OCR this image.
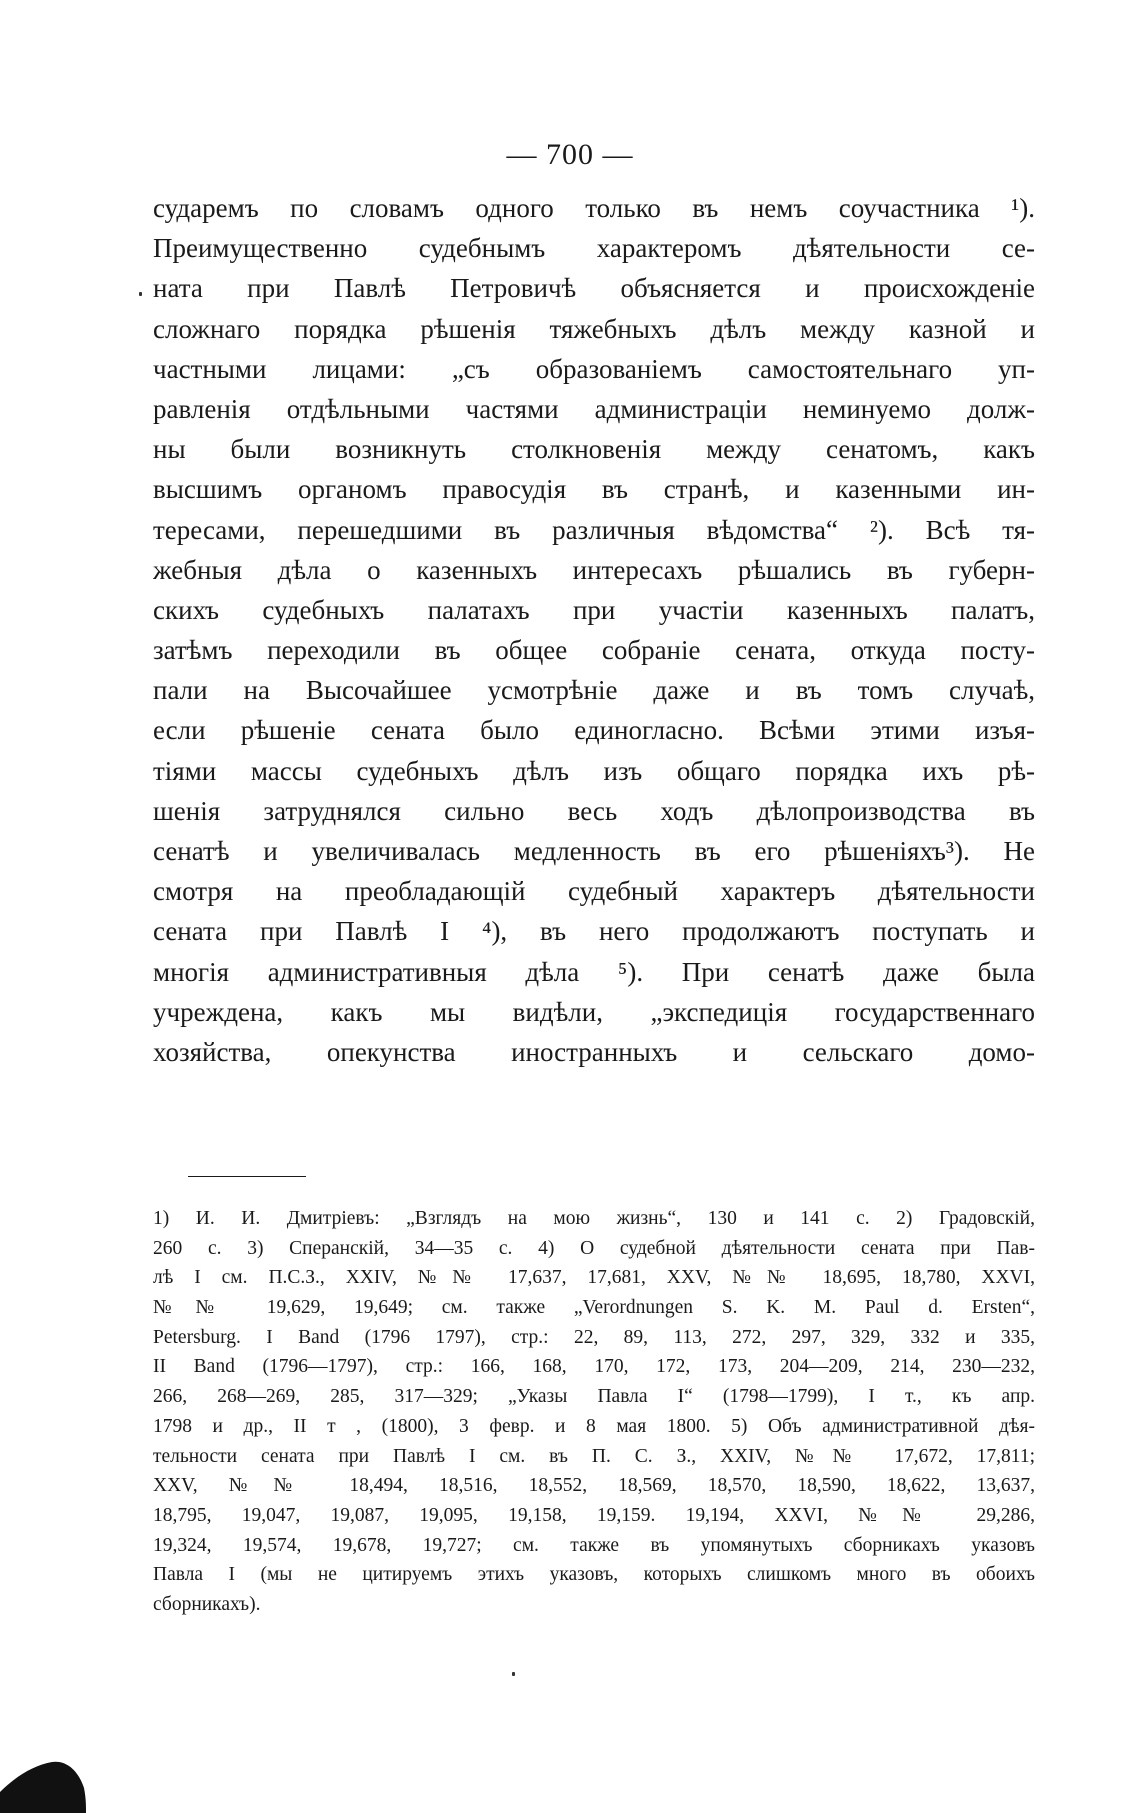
— 700 —
сударемъ по словамъ одного только въ немъ соучастника ¹).
Преимущественно судебнымъ характеромъ дѣятельности се-
ната при Павлѣ Петровичѣ объясняется и происхожденіе
сложнаго порядка рѣшенія тяжебныхъ дѣлъ между казной и
частными лицами: „съ образованіемъ самостоятельнаго уп-
равленія отдѣльными частями администраціи неминуемо долж-
ны были возникнуть столкновенія между сенатомъ, какъ
высшимъ органомъ правосудія въ странѣ, и казенными ин-
тересами, перешедшими въ различныя вѣдомства“ ²). Всѣ тя-
жебныя дѣла о казенныхъ интересахъ рѣшались въ губерн-
скихъ судебныхъ палатахъ при участіи казенныхъ палатъ,
затѣмъ переходили въ общее собраніе сената, откуда посту-
пали на Высочайшее усмотрѣніе даже и въ томъ случаѣ,
если рѣшеніе сената было единогласно. Всѣми этими изъя-
тіями массы судебныхъ дѣлъ изъ общаго порядка ихъ рѣ-
шенія затруднялся сильно весь ходъ дѣлопроизводства въ
сенатѣ и увеличивалась медленность въ его рѣшеніяхъ³). Не
смотря на преобладающій судебный характеръ дѣятельности
сената при Павлѣ I ⁴), въ него продолжаютъ поступать и
многія административныя дѣла ⁵). При сенатѣ даже была
учреждена, какъ мы видѣли, „экспедиція государственнаго
хозяйства, опекунства иностранныхъ и сельскаго домо-
1) И. И. Дмитріевъ: „Взглядъ на мою жизнь“, 130 и 141 с. 2) Градовскій,
260 с. 3) Сперанскій, 34—35 с. 4) О судебной дѣятельности сената при Пав-
лѣ I см. П.С.З., XXIV, №№ 17,637, 17,681, XXV, №№ 18,695, 18,780, XXVI,
№№ 19,629, 19,649; см. также „Verordnungen S. K. M. Paul d. Ersten“,
Petersburg. I Band (1796 1797), стр.: 22, 89, 113, 272, 297, 329, 332 и 335,
II Band (1796—1797), стр.: 166, 168, 170, 172, 173, 204—209, 214, 230—232,
266, 268—269, 285, 317—329; „Указы Павла I“ (1798—1799), I т., къ апр.
1798 и др., II т , (1800), 3 февр. и 8 мая 1800. 5) Объ административной дѣя-
тельности сената при Павлѣ I см. въ П. С. З., XXIV, №№ 17,672, 17,811;
XXV, №№ 18,494, 18,516, 18,552, 18,569, 18,570, 18,590, 18,622, 13,637,
18,795, 19,047, 19,087, 19,095, 19,158, 19,159. 19,194, XXVI, №№ 29,286,
19,324, 19,574, 19,678, 19,727; см. также въ упомянутыхъ сборникахъ указовъ
Павла I (мы не цитируемъ этихъ указовъ, которыхъ слишкомъ много въ обоихъ
сборникахъ).
